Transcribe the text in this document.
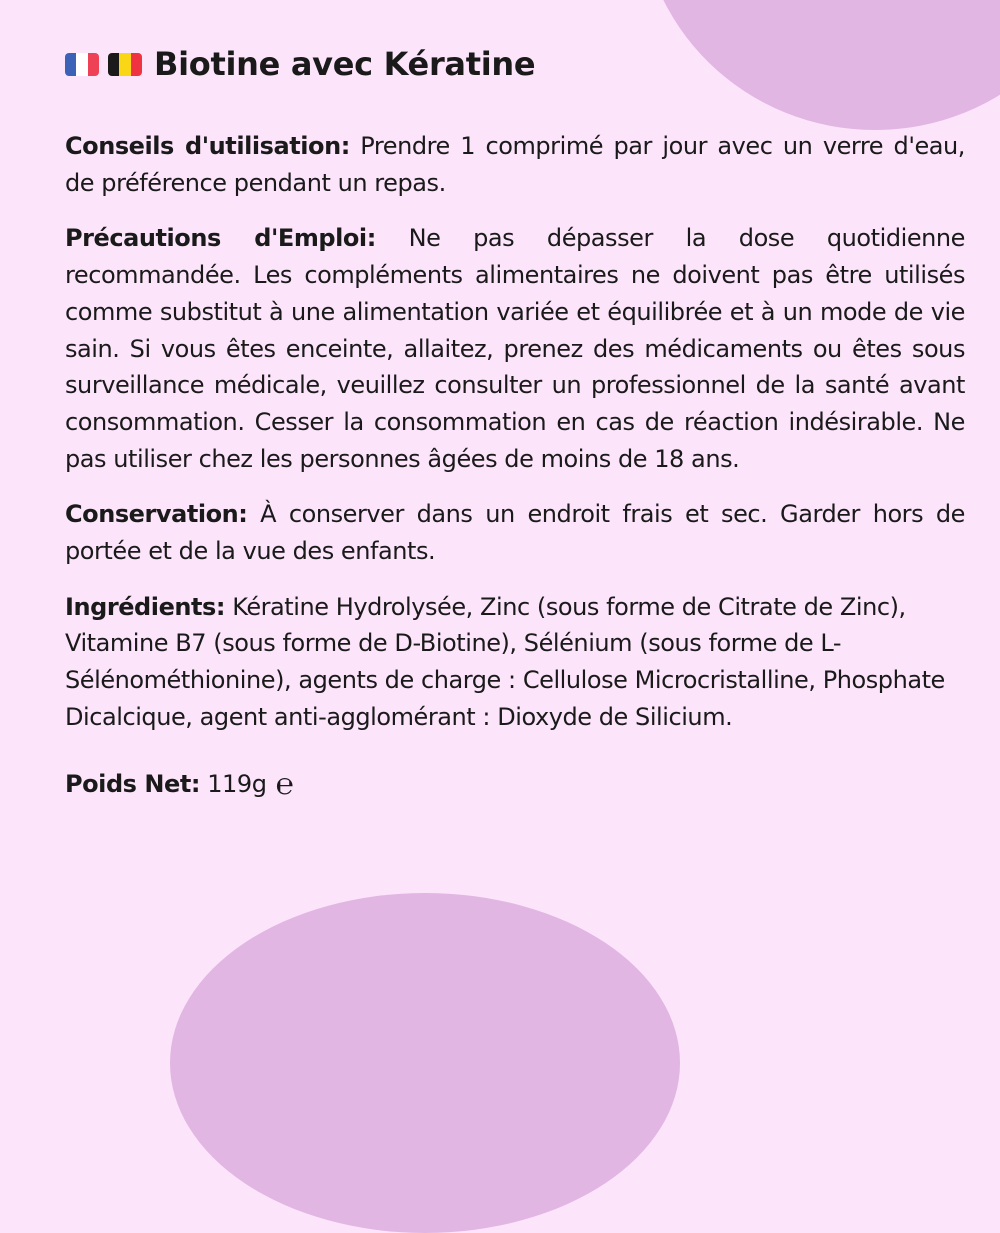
Biotine avec Kératine

Conseils d'utilisation: Prendre 1 comprimé par jour avec un verre d'eau, de préférence pendant un repas.

Précautions d'Emploi: Ne pas dépasser la dose quotidienne recommandée. Les compléments alimentaires ne doivent pas être utilisés comme substitut à une alimentation variée et équilibrée et à un mode de vie sain. Si vous êtes enceinte, allaitez, prenez des médicaments ou êtes sous surveillance médicale, veuillez consulter un professionnel de la santé avant consommation. Cesser la consommation en cas de réaction indésirable. Ne pas utiliser chez les personnes âgées de moins de 18 ans.

Conservation: À conserver dans un endroit frais et sec. Garder hors de portée et de la vue des enfants.

Ingrédients: Kératine Hydrolysée, Zinc (sous forme de Citrate de Zinc), Vitamine B7 (sous forme de D-Biotine), Sélénium (sous forme de L-Sélénométhionine), agents de charge : Cellulose Microcristalline, Phosphate Dicalcique, agent anti-agglomérant : Dioxyde de Silicium.

Poids Net: 119g ℮
